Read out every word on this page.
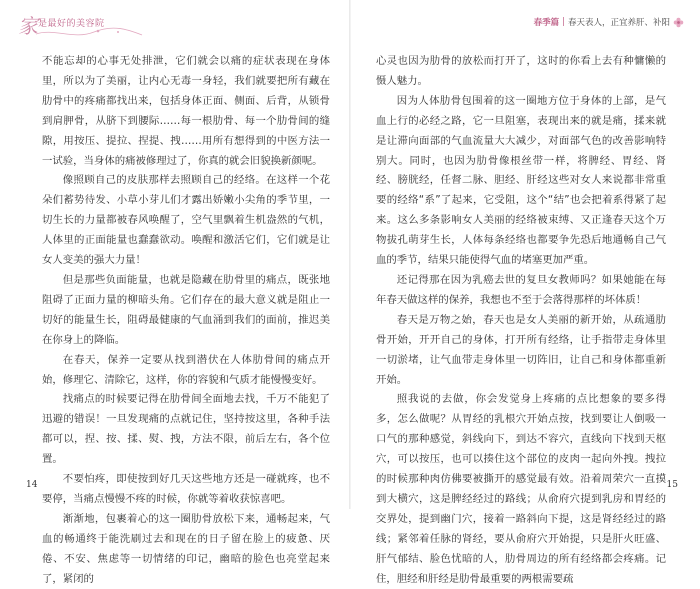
家 是最好的美容院

不能忘却的心事无处排泄，它们就会以痛的症状表现在身体里，所以为了美丽，让内心无毒一身轻，我们就要把所有藏在肋骨中的疼痛都找出来，包括身体正面、侧面、后背，从锁骨到肩胛骨，从脐下到腰际……每一根肋骨、每一个肋骨间的缝隙，用按压、提拉、捏提、拽……用所有想得到的中医方法一一试验，当身体的痛被修理过了，你真的就会旧貌换新颜呢。

像照顾自己的皮肤那样去照顾自己的经络。在这样一个花朵们蓄势待发、小草小芽儿们才露出娇嫩小尖角的季节里，一切生长的力量都被春风唤醒了，空气里飘着生机盎然的气机，人体里的正面能量也蠢蠢欲动。唤醒和激活它们，它们就是让女人变美的强大力量！

但是那些负面能量，也就是隐藏在肋骨里的痛点，既张地阻碍了正面力量的柳暗头角。它们存在的最大意义就是阻止一切好的能量生长，阻碍最健康的气血涌到我们的面前，推迟美在你身上的降临。

在春天，保养一定要从找到潜伏在人体肋骨间的痛点开始，修理它、清除它，这样，你的容貌和气质才能慢慢变好。

找痛点的时候要记得在肋骨间全面地去找，千万不能犯了迅避的错误！一旦发现痛的点就记住，坚持按这里，各种手法都可以，捏、按、揉、熨、拽，方法不限，前后左右，各个位置。

不要怕疼，即使按到好几天这些地方还是一碰就疼，也不要停，当痛点慢慢不疼的时候，你就等着收获惊喜吧。

渐渐地，包裹着心的这一圈肋骨放松下来，通畅起来，气血的畅通终于能洗刷过去和现在的日子留在脸上的疲惫、厌倦、不安、焦虑等一切情绪的印记，幽暗的脸色也亮堂起来了，紧闭的

14
春季篇 | 春天表人，正宜养肝、补阳

心灵也因为肋骨的放松而打开了，这时的你看上去有种慵懒的慑人魅力。

因为人体肋骨包围着的这一圈地方位于身体的上部，是气血上行的必经之路，它一旦阻塞，表现出来的就是痛，揉来就是让滞向面部的气血流量大大减少，对面部气色的改善影响特别大。同时，也因为肋骨像根丝带一样，将脾经、胃经、肾经、膀胱经，任督二脉、胆经、肝经这些对女人来说都非常重要的经络“系”了起来，它受阻，这个“结”也会把着系得紧了起来。这么多条影响女人美丽的经络被束缚、又正逢春天这个万物拔孔萌芽生长，人体每条经络也都要争先恐后地通畅自己气血的季节，结果只能使得气血的堵塞更加严重。

还记得那在因为乳癌去世的复旦女教师吗？如果她能在每年春天做这样的保养，我想也不至于会落得那样的坏体质！

春天是万物之始，春天也是女人美丽的新开始，从疏通肋骨开始，开开自己的身体，打开所有经络，让手指带走身体里一切淤堵，让气血带走身体里一切阵旧，让自己和身体都重新开始。

照我说的去做，你会发觉身上疼痛的点比想象的要多得多，怎么做呢？从胃经的乳根穴开始点按，找到要让人倒吸一口气的那种感觉，斜线向下，到达不容穴，直线向下找到天枢穴，可以按压，也可以揍住这个部位的皮肉一起向外拽。拽拉的时候那种肉仿佛要被撕开的感觉最有效。沿着周荣穴一直摸到大横穴，这是脾经经过的路线；从俞府穴提到乳房和胃经的交界处，提到幽门穴，接着一路斜向下提，这是肾经经过的路线；紧邻着任脉的肾经，要从俞府穴开始提，只是肝火旺盛、肝气郁结、脸色忧暗的人，肋骨周边的所有经络都会疼痛。记住，胆经和肝经是肋骨最重要的两根需要疏

15
